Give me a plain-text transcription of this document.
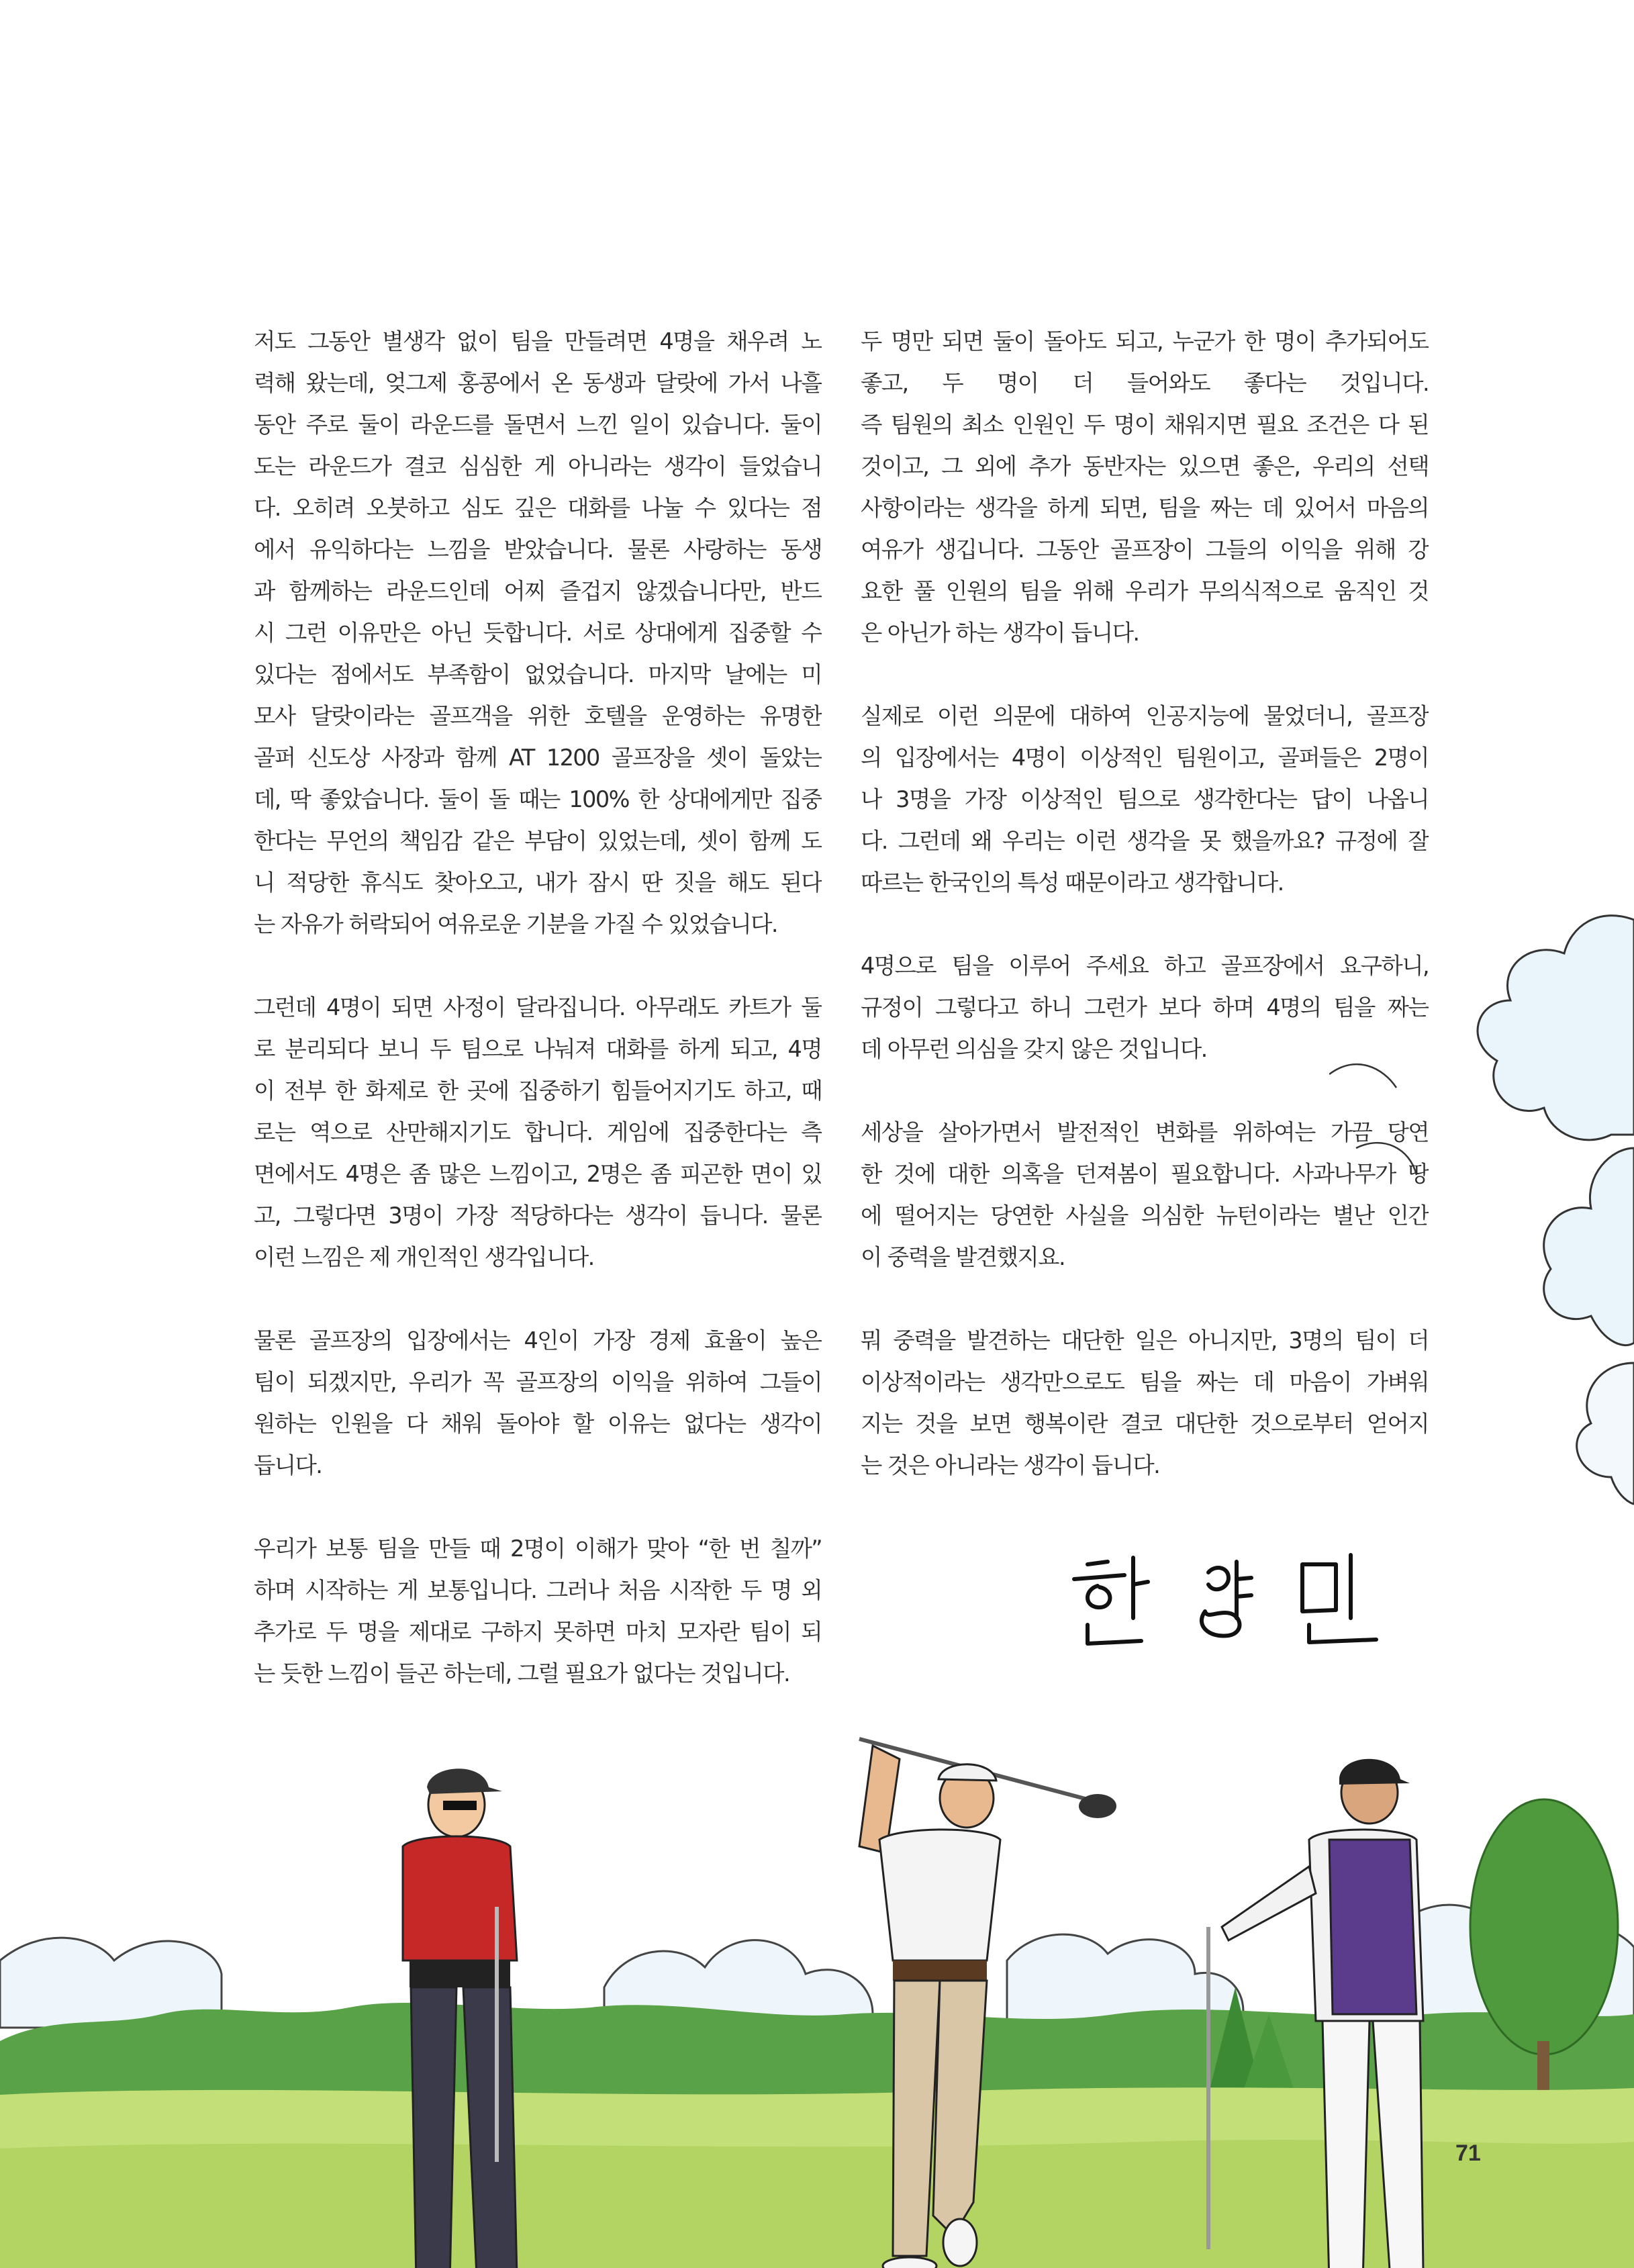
저도 그동안 별생각 없이 팀을 만들려면 4명을 채우려 노
력해 왔는데, 엊그제 홍콩에서 온 동생과 달랏에 가서 나흘
동안 주로 둘이 라운드를 돌면서 느낀 일이 있습니다. 둘이
도는 라운드가 결코 심심한 게 아니라는 생각이 들었습니
다. 오히려 오붓하고 심도 깊은 대화를 나눌 수 있다는 점
에서 유익하다는 느낌을 받았습니다. 물론 사랑하는 동생
과 함께하는 라운드인데 어찌 즐겁지 않겠습니다만, 반드
시 그런 이유만은 아닌 듯합니다. 서로 상대에게 집중할 수
있다는 점에서도 부족함이 없었습니다. 마지막 날에는 미
모사 달랏이라는 골프객을 위한 호텔을 운영하는 유명한
골퍼 신도상 사장과 함께 AT 1200 골프장을 셋이 돌았는
데, 딱 좋았습니다. 둘이 돌 때는 100% 한 상대에게만 집중
한다는 무언의 책임감 같은 부담이 있었는데, 셋이 함께 도
니 적당한 휴식도 찾아오고, 내가 잠시 딴 짓을 해도 된다
는 자유가 허락되어 여유로운 기분을 가질 수 있었습니다.
그런데 4명이 되면 사정이 달라집니다. 아무래도 카트가 둘
로 분리되다 보니 두 팀으로 나눠져 대화를 하게 되고, 4명
이 전부 한 화제로 한 곳에 집중하기 힘들어지기도 하고, 때
로는 역으로 산만해지기도 합니다. 게임에 집중한다는 측
면에서도 4명은 좀 많은 느낌이고, 2명은 좀 피곤한 면이 있
고, 그렇다면 3명이 가장 적당하다는 생각이 듭니다. 물론
이런 느낌은 제 개인적인 생각입니다.
물론 골프장의 입장에서는 4인이 가장 경제 효율이 높은
팀이 되겠지만, 우리가 꼭 골프장의 이익을 위하여 그들이
원하는 인원을 다 채워 돌아야 할 이유는 없다는 생각이
듭니다.
우리가 보통 팀을 만들 때 2명이 이해가 맞아 “한 번 칠까”
하며 시작하는 게 보통입니다. 그러나 처음 시작한 두 명 외
추가로 두 명을 제대로 구하지 못하면 마치 모자란 팀이 되
는 듯한 느낌이 들곤 하는데, 그럴 필요가 없다는 것입니다.
두 명만 되면 둘이 돌아도 되고, 누군가 한 명이 추가되어도
좋고, 두 명이 더 들어와도 좋다는 것입니다.
즉 팀원의 최소 인원인 두 명이 채워지면 필요 조건은 다 된
것이고, 그 외에 추가 동반자는 있으면 좋은, 우리의 선택
사항이라는 생각을 하게 되면, 팀을 짜는 데 있어서 마음의
여유가 생깁니다. 그동안 골프장이 그들의 이익을 위해 강
요한 풀 인원의 팀을 위해 우리가 무의식적으로 움직인 것
은 아닌가 하는 생각이 듭니다.
실제로 이런 의문에 대하여 인공지능에 물었더니, 골프장
의 입장에서는 4명이 이상적인 팀원이고, 골퍼들은 2명이
나 3명을 가장 이상적인 팀으로 생각한다는 답이 나옵니
다. 그런데 왜 우리는 이런 생각을 못 했을까요? 규정에 잘
따르는 한국인의 특성 때문이라고 생각합니다.
4명으로 팀을 이루어 주세요 하고 골프장에서 요구하니,
규정이 그렇다고 하니 그런가 보다 하며 4명의 팀을 짜는
데 아무런 의심을 갖지 않은 것입니다.
세상을 살아가면서 발전적인 변화를 위하여는 가끔 당연
한 것에 대한 의혹을 던져봄이 필요합니다. 사과나무가 땅
에 떨어지는 당연한 사실을 의심한 뉴턴이라는 별난 인간
이 중력을 발견했지요.
뭐 중력을 발견하는 대단한 일은 아니지만, 3명의 팀이 더
이상적이라는 생각만으로도 팀을 짜는 데 마음이 가벼워
지는 것을 보면 행복이란 결코 대단한 것으로부터 얻어지
는 것은 아니라는 생각이 듭니다.
71
